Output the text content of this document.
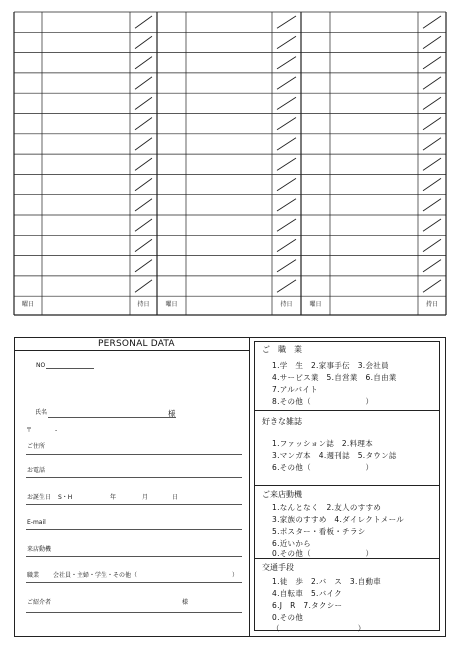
曜日	持日	曜日	持日	曜日	持日
PERSONAL DATA
NO
氏名	様
〒	-
ご住所
お電話
お誕生日 S・H	年	月	日
E-mail
来店動機
職業 会社員・主婦・学生・その他（	）
ご紹介者	様
ご　職　業
1.学　生　2.家事手伝　3.会社員
4.サービス業　5.自営業　6.自由業
7.アルバイト
8.その他（　　　　　　　）
好きな雑誌
1.ファッション誌　2.料理本
3.マンガ本　4.週刊誌　5.タウン誌
6.その他（　　　　　　　）
ご来店動機
1.なんとなく　2.友人のすすめ
3.家族のすすめ　4.ダイレクトメール
5.ポスター・看板・チラシ
6.近いから
0.その他（　　　　　　　）
交通手段
1.徒　歩　2.バ　ス　3.自動車
4.自転車　5.バイク
6.J　R　7.タクシー
0.その他
（　　　　　　　　　　）
